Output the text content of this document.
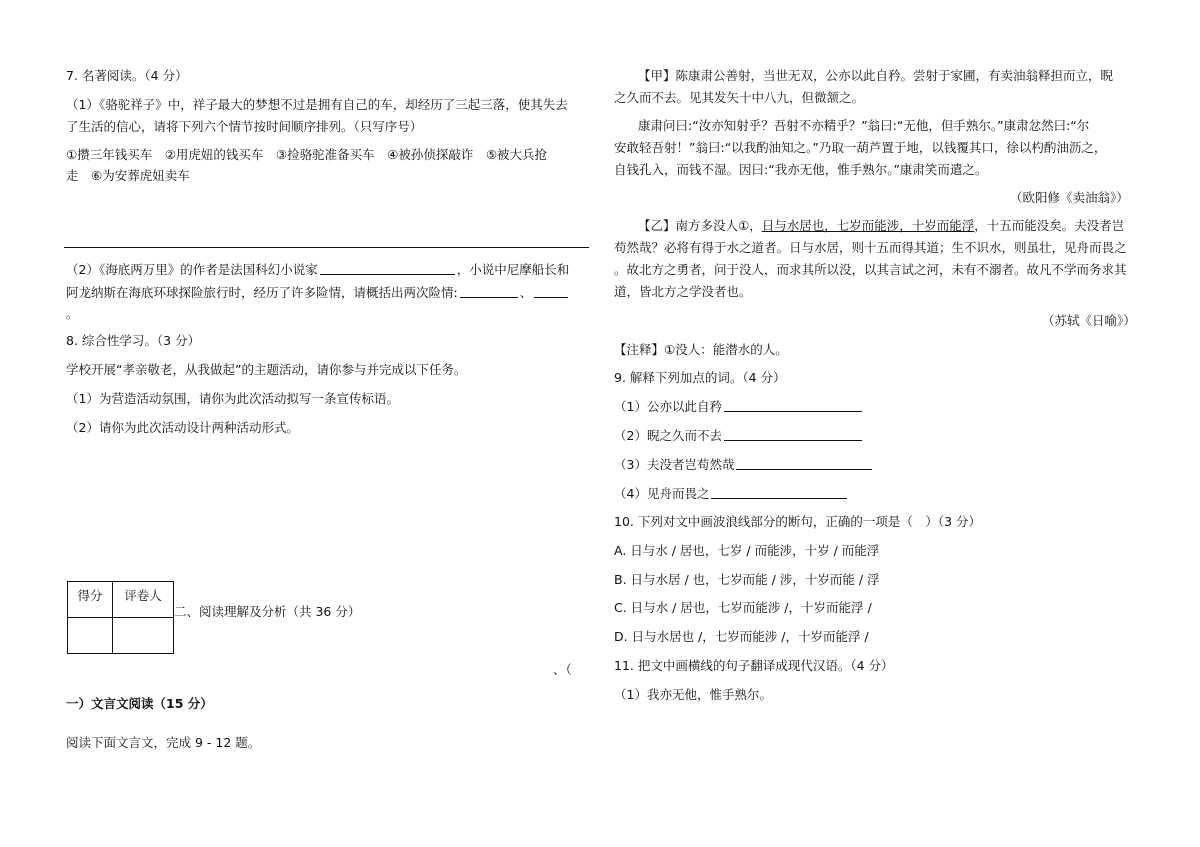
7. 名著阅读。（4 分）
（1）《骆驼祥子》中，祥子最大的梦想不过是拥有自己的车，却经历了三起三落，使其失去
了生活的信心，请将下列六个情节按时间顺序排列。（只写序号）
①攒三年钱买车　②用虎妞的钱买车　③捡骆驼准备买车　④被孙侦探敲诈　⑤被大兵抢
走　⑥为安葬虎妞卖车
（2）《海底两万里》的作者是法国科幻小说家	，小说中尼摩船长和
阿龙纳斯在海底环球探险旅行时，经历了许多险情，请概括出两次险情:	、
。
8. 综合性学习。（3 分）
学校开展“孝亲敬老，从我做起”的主题活动，请你参与并完成以下任务。
（1）为营造活动氛围，请你为此次活动拟写一条宣传标语。
（2）请你为此次活动设计两种活动形式。
得分	评卷人

二、阅读理解及分析（共 36 分）
、（
一）文言文阅读（15 分）
阅读下面文言文，完成 9 - 12 题。
【甲】陈康肃公善射，当世无双，公亦以此自矜。尝射于家圃，有卖油翁释担而立，睨
之久而不去。见其发矢十中八九，但微颔之。
康肃问曰:“汝亦知射乎？吾射不亦精乎？”翁曰:“无他，但手熟尔。”康肃忿然曰:“尔
安敢轻吾射！”翁曰:“以我酌油知之。”乃取一葫芦置于地，以钱覆其口，徐以杓酌油沥之，
自钱孔入，而钱不湿。因曰:“我亦无他，惟手熟尔。”康肃笑而遣之。
（欧阳修《卖油翁》）
【乙】南方多没人①，日与水居也，七岁而能涉，十岁而能浮，十五而能没矣。夫没者岂
苟然哉？必将有得于水之道者。日与水居，则十五而得其道；生不识水，则虽壮，见舟而畏之
。故北方之勇者，问于没人，而求其所以没，以其言试之河，未有不溺者。故凡不学而务求其
道，皆北方之学没者也。
（苏轼《日喻》）
【注释】①没人：能潜水的人。
9. 解释下列加点的词。（4 分）
（1）公亦以此自矜
（2）睨之久而不去
（3）夫没者岂苟然哉
（4）见舟而畏之
10. 下列对文中画波浪线部分的断句，正确的一项是（　）（3 分）
A. 日与水 / 居也，七岁 / 而能涉，十岁 / 而能浮
B. 日与水居 / 也，七岁而能 / 涉，十岁而能 / 浮
C. 日与水 / 居也，七岁而能涉 /，十岁而能浮 /
D. 日与水居也 /，七岁而能涉 /，十岁而能浮 /
11. 把文中画横线的句子翻译成现代汉语。（4 分）
（1）我亦无他，惟手熟尔。
